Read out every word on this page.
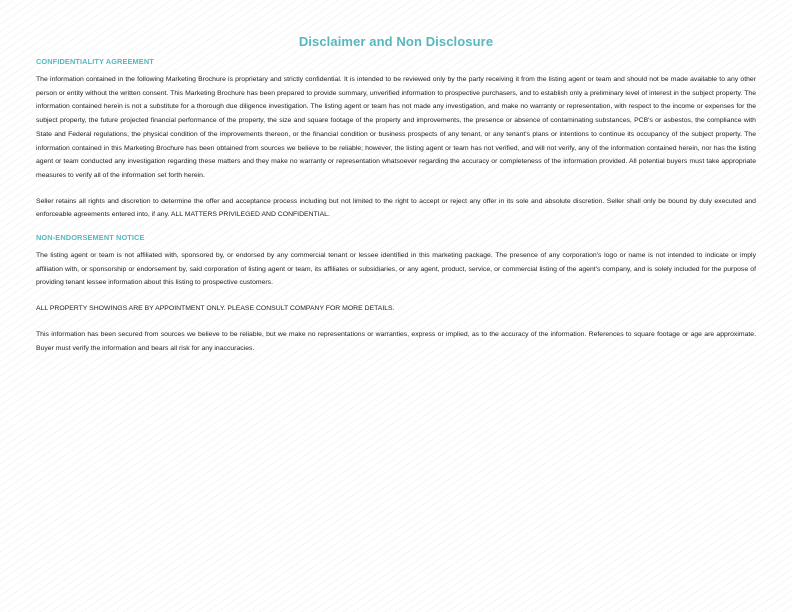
Disclaimer and Non Disclosure
CONFIDENTIALITY AGREEMENT

The information contained in the following Marketing Brochure is proprietary and strictly confidential. It is intended to be reviewed only by the party receiving it from the listing agent or team and should not be made available to any other person or entity without the written consent. This Marketing Brochure has been prepared to provide summary, unverified information to prospective purchasers, and to establish only a preliminary level of interest in the subject property. The information contained herein is not a substitute for a thorough due diligence investigation. The listing agent or team has not made any investigation, and make no warranty or representation, with respect to the income or expenses for the subject property, the future projected financial performance of the property, the size and square footage of the property and improvements, the presence or absence of contaminating substances, PCB's or asbestos, the compliance with State and Federal regulations, the physical condition of the improvements thereon, or the financial condition or business prospects of any tenant, or any tenant's plans or intentions to continue its occupancy of the subject property. The information contained in this Marketing Brochure has been obtained from sources we believe to be reliable; however, the listing agent or team has not verified, and will not verify, any of the information contained herein, nor has the listing agent or team conducted any investigation regarding these matters and they make no warranty or representation whatsoever regarding the accuracy or completeness of the information provided. All potential buyers must take appropriate measures to verify all of the information set forth herein.

Seller retains all rights and discretion to determine the offer and acceptance process including but not limited to the right to accept or reject any offer in its sole and absolute discretion. Seller shall only be bound by duly executed and enforceable agreements entered into, if any. ALL MATTERS PRIVILEGED AND CONFIDENTIAL.

NON-ENDORSEMENT NOTICE

The listing agent or team is not affiliated with, sponsored by, or endorsed by any commercial tenant or lessee identified in this marketing package. The presence of any corporation's logo or name is not intended to indicate or imply affiliation with, or sponsorship or endorsement by, said corporation of listing agent or team, its affiliates or subsidiaries, or any agent, product, service, or commercial listing of the agent's company, and is solely included for the purpose of providing tenant lessee information about this listing to prospective customers.

ALL PROPERTY SHOWINGS ARE BY APPOINTMENT ONLY. PLEASE CONSULT COMPANY FOR MORE DETAILS.

This information has been secured from sources we believe to be reliable, but we make no representations or warranties, express or implied, as to the accuracy of the information. References to square footage or age are approximate. Buyer must verify the information and bears all risk for any inaccuracies.
